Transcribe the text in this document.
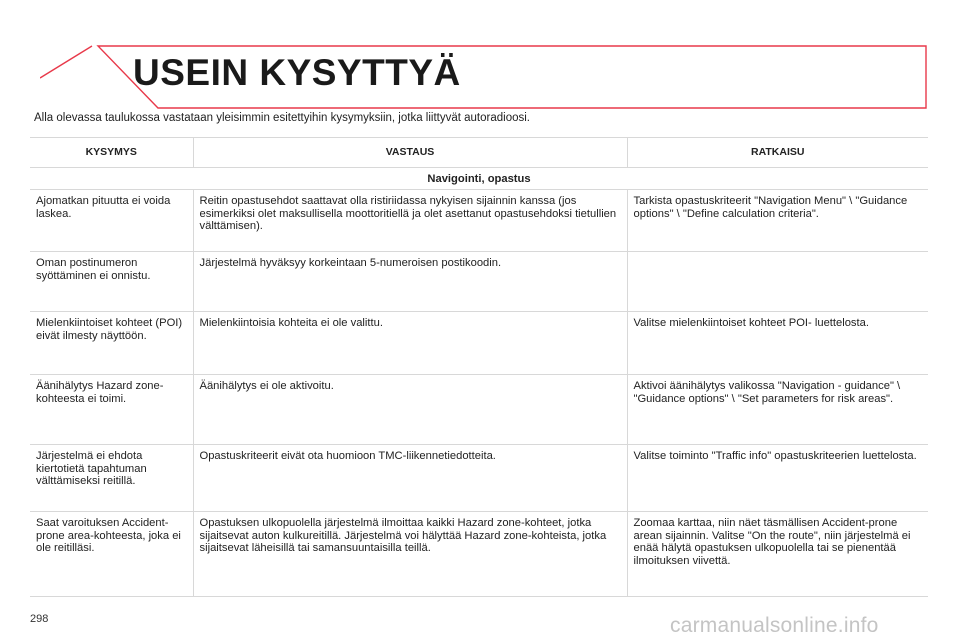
USEIN KYSYTTYÄ
Alla olevassa taulukossa vastataan yleisimmin esitettyihin kysymyksiin, jotka liittyvät autoradioosi.
KYSYMYS	VASTAUS	RATKAISU
Navigointi, opastus		
Ajomatkan pituutta ei voida laskea.	Reitin opastusehdot saattavat olla ristiriidassa nykyisen sijainnin kanssa (jos esimerkiksi olet maksullisella moottoritiellä ja olet asettanut opastusehdoksi tietullien välttämisen).	Tarkista opastuskriteerit "Navigation Menu" \ "Guidance options" \ "Define calculation criteria".
Oman postinumeron syöttäminen ei onnistu.	Järjestelmä hyväksyy korkeintaan 5-numeroisen postikoodin.	
Mielenkiintoiset kohteet (POI) eivät ilmesty näyttöön.	Mielenkiintoisia kohteita ei ole valittu.	Valitse mielenkiintoiset kohteet POI- luettelosta.
Äänihälytys Hazard zone-kohteesta ei toimi.	Äänihälytys ei ole aktivoitu.	Aktivoi äänihälytys valikossa "Navigation - guidance" \ "Guidance options" \ "Set parameters for risk areas".
Järjestelmä ei ehdota kiertotietä tapahtuman välttämiseksi reitillä.	Opastuskriteerit eivät ota huomioon TMC-liikennetiedotteita.	Valitse toiminto "Traffic info" opastuskriteerien luettelosta.
Saat varoituksen Accident-prone area-kohteesta, joka ei ole reitilläsi.	Opastuksen ulkopuolella järjestelmä ilmoittaa kaikki Hazard zone-kohteet, jotka sijaitsevat auton kulkureitillä. Järjestelmä voi hälyttää Hazard zone-kohteista, jotka sijaitsevat läheisillä tai samansuuntaisilla teillä.	Zoomaa karttaa, niin näet täsmällisen Accident-prone arean sijainnin. Valitse "On the route", niin järjestelmä ei enää hälytä opastuksen ulkopuolella tai se pienentää ilmoituksen viivettä.
298	carmanualsonline.info
